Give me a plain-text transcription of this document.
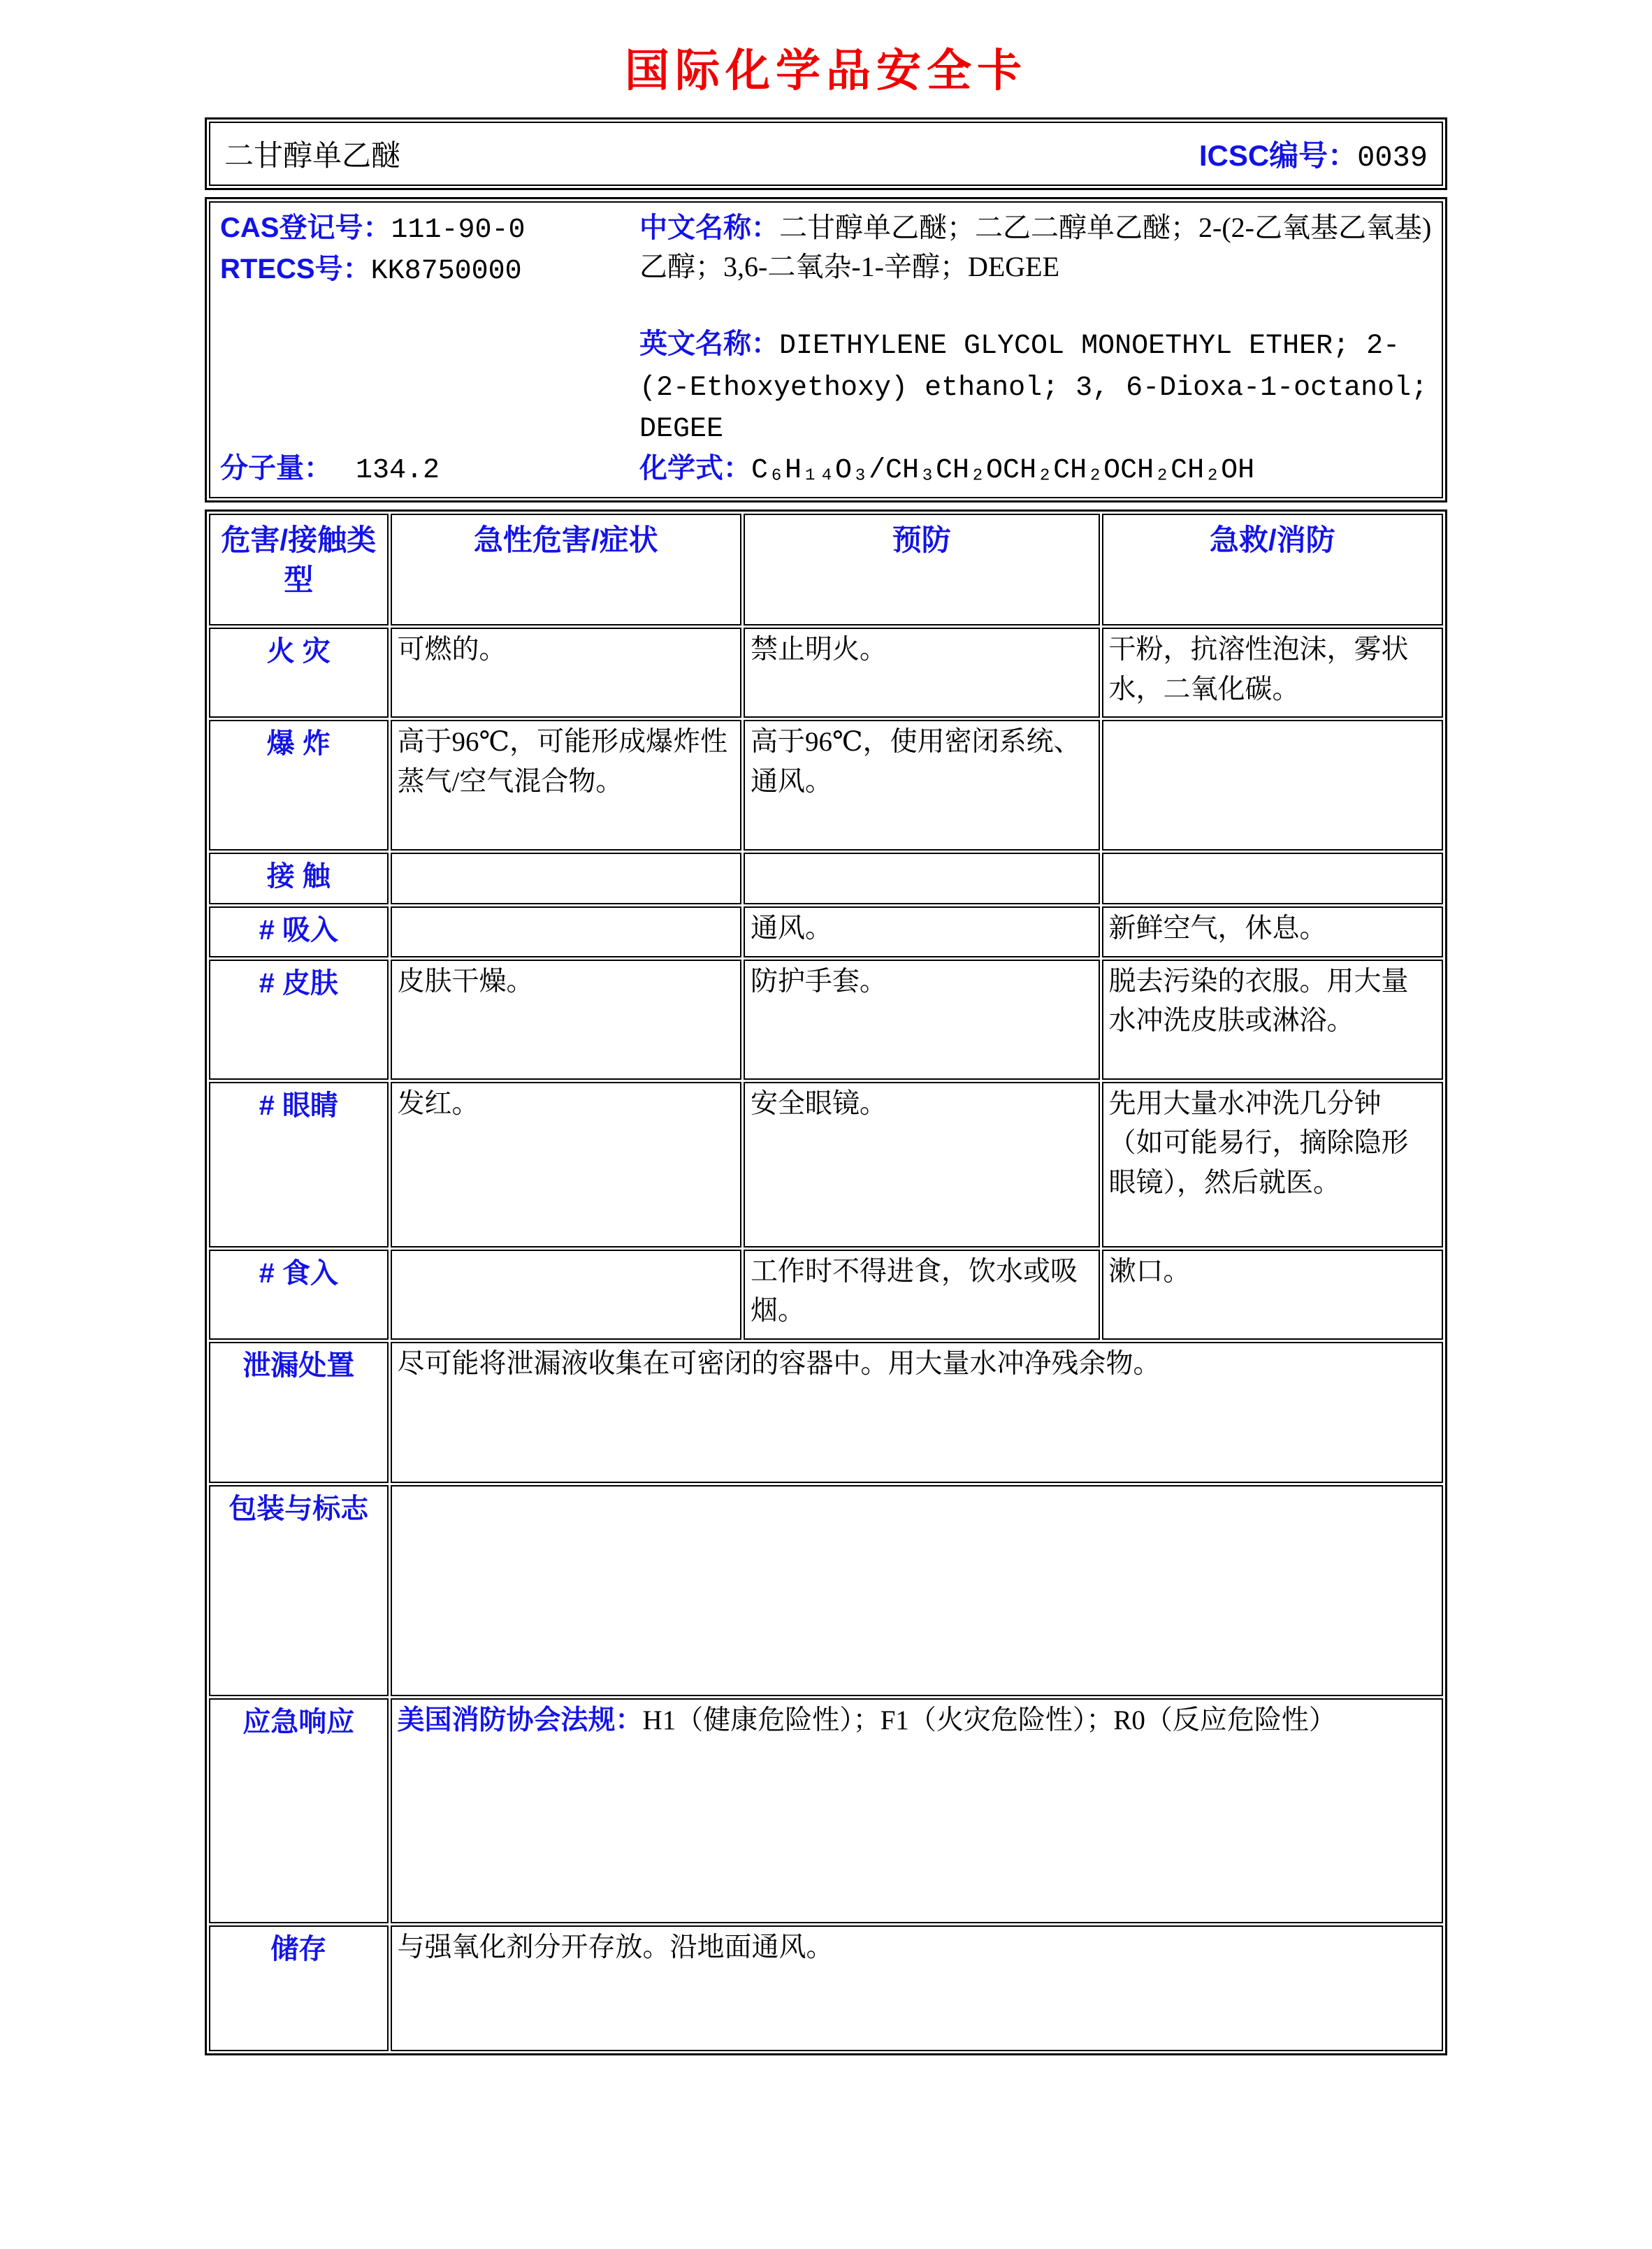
国际化学品安全卡
二甘醇单乙醚	ICSC编号：0039

CAS登记号：111-90-0

RTECS号：KK8750000

分子量： 134.2

中文名称：二甘醇单乙醚；二乙二醇单乙醚；2-(2-乙氧基乙氧基)乙醇；3,6-二氧杂-1-辛醇；DEGEE

英文名称：DIETHYLENE GLYCOL MONOETHYL ETHER; 2-(2-Ethoxyethoxy) ethanol; 3, 6-Dioxa-1-octanol; DEGEE

化学式：C₆H₁₄O₃/CH₃CH₂OCH₂CH₂OCH₂CH₂OH

危害/接触类型	急性危害/症状	预防	急救/消防
火 灾	可燃的。	禁止明火。	干粉，抗溶性泡沫，雾状水，二氧化碳。
爆 炸	高于96℃，可能形成爆炸性蒸气/空气混合物。	高于96℃，使用密闭系统、通风。	
接 触			
# 吸入		通风。	新鲜空气，休息。
# 皮肤	皮肤干燥。	防护手套。	脱去污染的衣服。用大量水冲洗皮肤或淋浴。
# 眼睛	发红。	安全眼镜。	先用大量水冲洗几分钟（如可能易行，摘除隐形眼镜），然后就医。
# 食入		工作时不得进食，饮水或吸烟。	漱口。
泄漏处置	尽可能将泄漏液收集在可密闭的容器中。用大量水冲净残余物。		
包装与标志			
应急响应	美国消防协会法规：H1（健康危险性）；F1（火灾危险性）；R0（反应危险性）		
储存	与强氧化剂分开存放。沿地面通风。		
